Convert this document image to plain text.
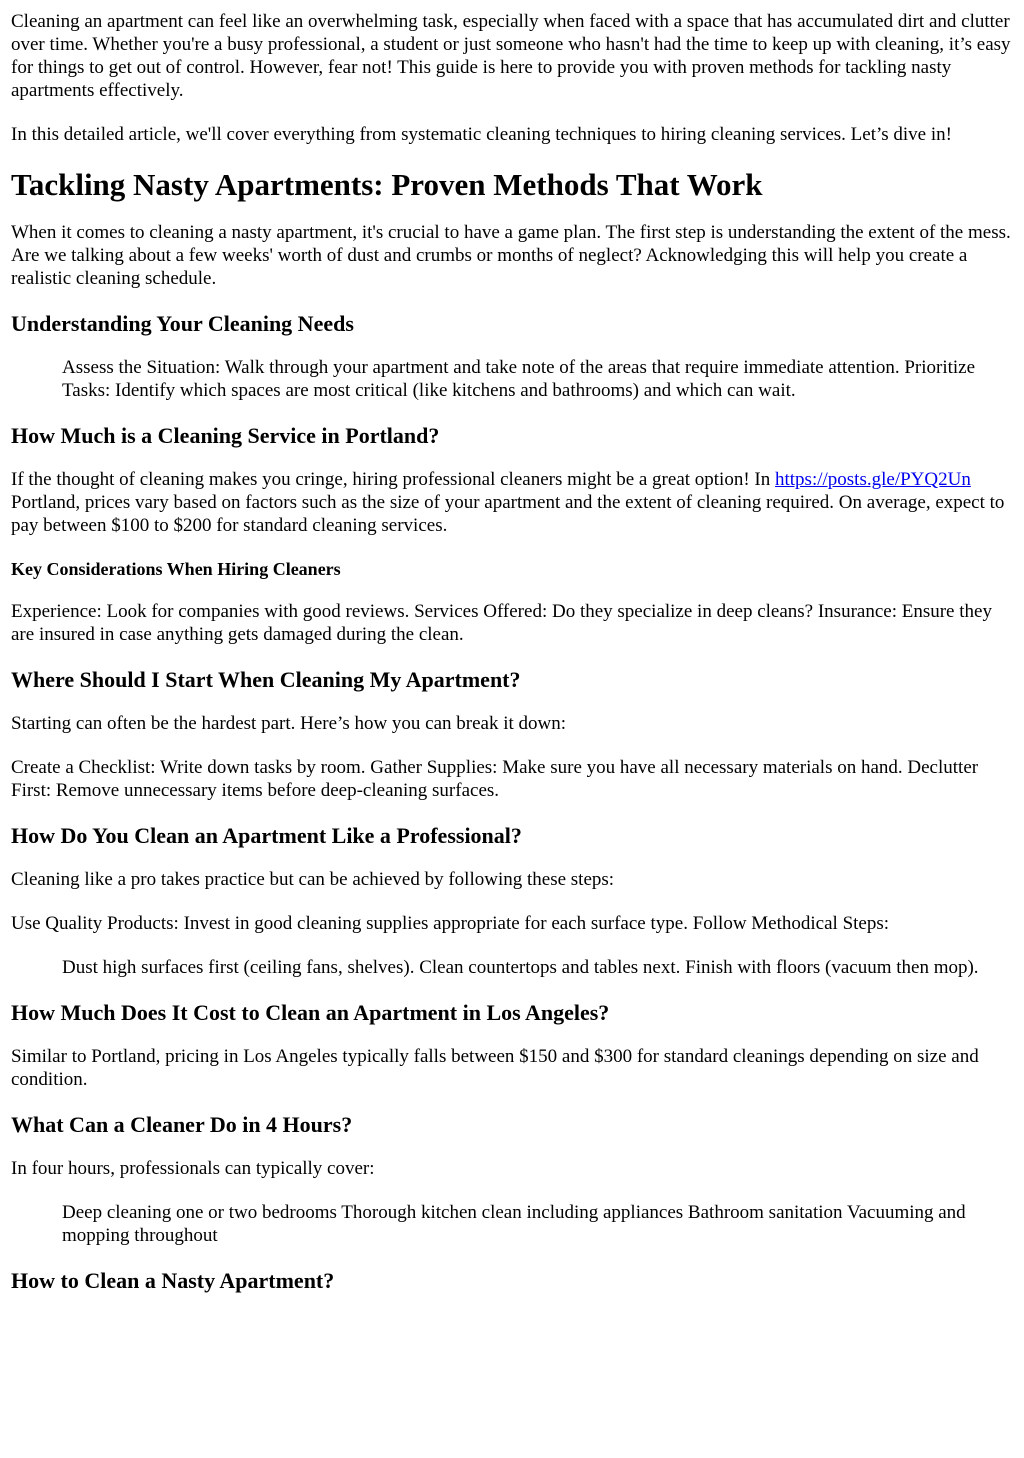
Cleaning an apartment can feel like an overwhelming task, especially when faced with a space that has accumulated dirt and clutter over time. Whether you're a busy professional, a student or just someone who hasn't had the time to keep up with cleaning, it’s easy for things to get out of control. However, fear not! This guide is here to provide you with proven methods for tackling nasty apartments effectively.

In this detailed article, we'll cover everything from systematic cleaning techniques to hiring cleaning services. Let’s dive in!

Tackling Nasty Apartments: Proven Methods That Work

When it comes to cleaning a nasty apartment, it's crucial to have a game plan. The first step is understanding the extent of the mess. Are we talking about a few weeks' worth of dust and crumbs or months of neglect? Acknowledging this will help you create a realistic cleaning schedule.

Understanding Your Cleaning Needs
Assess the Situation: Walk through your apartment and take note of the areas that require immediate attention. Prioritize Tasks: Identify which spaces are most critical (like kitchens and bathrooms) and which can wait.
How Much is a Cleaning Service in Portland?

If the thought of cleaning makes you cringe, hiring professional cleaners might be a great option! In https://posts.gle/PYQ2Un Portland, prices vary based on factors such as the size of your apartment and the extent of cleaning required. On average, expect to pay between $100 to $200 for standard cleaning services.

Key Considerations When Hiring Cleaners

Experience: Look for companies with good reviews. Services Offered: Do they specialize in deep cleans? Insurance: Ensure they are insured in case anything gets damaged during the clean.

Where Should I Start When Cleaning My Apartment?

Starting can often be the hardest part. Here’s how you can break it down:

Create a Checklist: Write down tasks by room. Gather Supplies: Make sure you have all necessary materials on hand. Declutter First: Remove unnecessary items before deep-cleaning surfaces.

How Do You Clean an Apartment Like a Professional?

Cleaning like a pro takes practice but can be achieved by following these steps:

Use Quality Products: Invest in good cleaning supplies appropriate for each surface type. Follow Methodical Steps:

Dust high surfaces first (ceiling fans, shelves). Clean countertops and tables next. Finish with floors (vacuum then mop).
How Much Does It Cost to Clean an Apartment in Los Angeles?

Similar to Portland, pricing in Los Angeles typically falls between $150 and $300 for standard cleanings depending on size and condition.

What Can a Cleaner Do in 4 Hours?

In four hours, professionals can typically cover:

Deep cleaning one or two bedrooms Thorough kitchen clean including appliances Bathroom sanitation Vacuuming and mopping throughout
How to Clean a Nasty Apartment?
